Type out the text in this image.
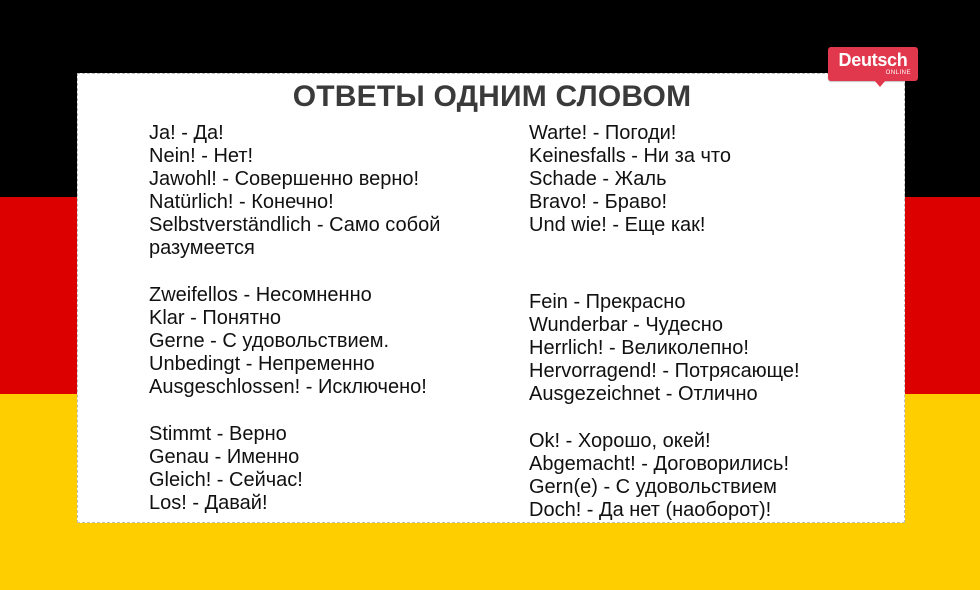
ОТВЕТЫ ОДНИМ СЛОВОМ
Ja! - Да!
Nein! - Нет!
Jawohl! - Совершенно верно!
Natürlich! - Конечно!
Selbstverständlich - Само собой разумеется
Zweifellos - Несомненно
Klar - Понятно
Gerne - С удовольствием.
Unbedingt - Непременно
Ausgeschlossen! - Исключено!
Stimmt - Верно
Genau - Именно
Gleich! - Сейчас!
Los! - Давай!
Warte! - Погоди!
Keinesfalls - Ни за что
Schade - Жаль
Bravo! - Браво!
Und wie! - Еще как!
Fein - Прекрасно
Wunderbar - Чудесно
Herrlich! - Великолепно!
Hervorragend! - Потрясающе!
Ausgezeichnet - Отлично
Ok! - Хорошо, окей!
Abgemacht! - Договорились!
Gern(e) - С удовольствием
Doch! - Да нет (наоборот)!
Deutsch
ONLINE
